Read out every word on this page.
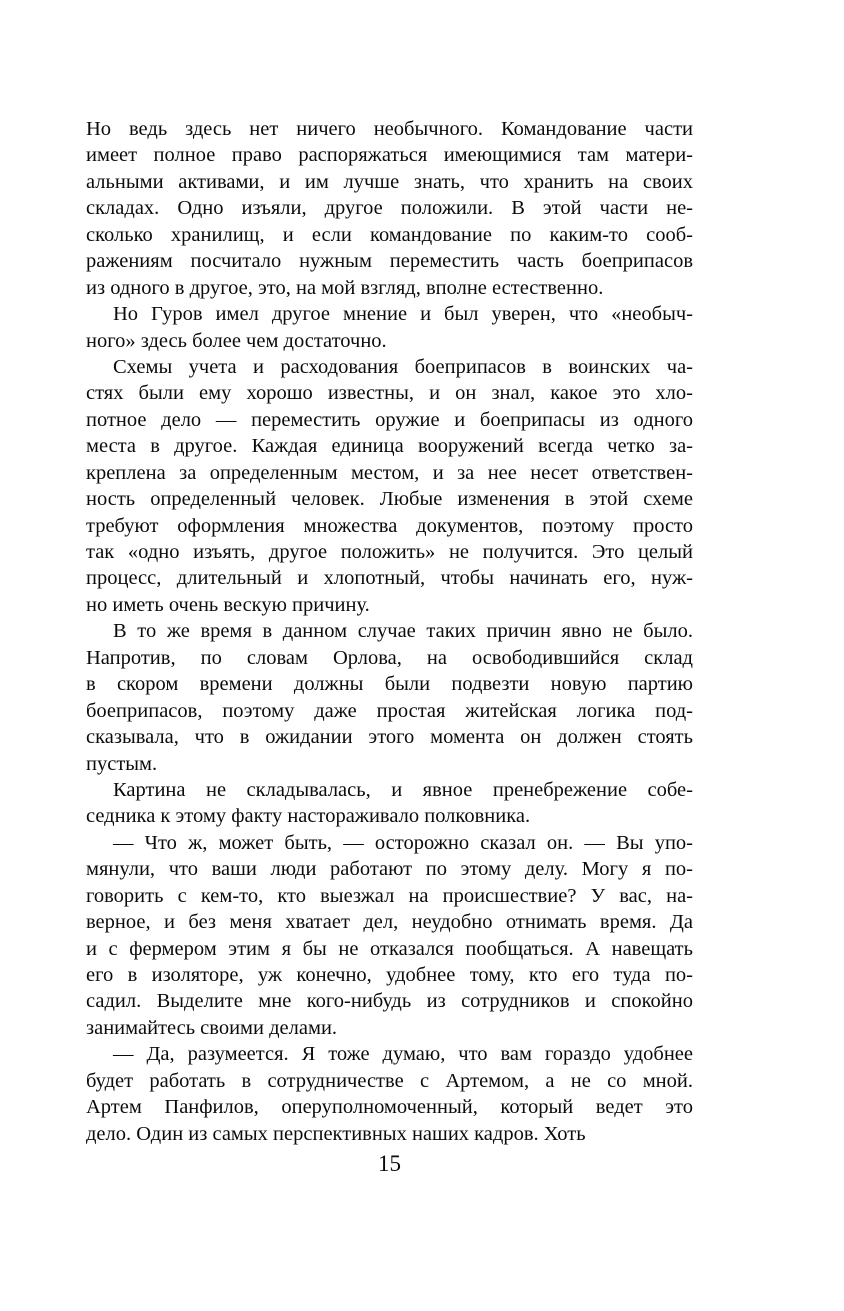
Но ведь здесь нет ничего необычного. Командование части
имеет полное право распоряжаться имеющимися там матери-
альными активами, и им лучше знать, что хранить на своих
складах. Одно изъяли, другое положили. В этой части не-
сколько хранилищ, и если командование по каким-то сооб-
ражениям посчитало нужным переместить часть боеприпасов
из одного в другое, это, на мой взгляд, вполне естественно.
Но Гуров имел другое мнение и был уверен, что «необыч-
ного» здесь более чем достаточно.
Схемы учета и расходования боеприпасов в воинских ча-
стях были ему хорошо известны, и он знал, какое это хло-
потное дело — переместить оружие и боеприпасы из одного
места в другое. Каждая единица вооружений всегда четко за-
креплена за определенным местом, и за нее несет ответствен-
ность определенный человек. Любые изменения в этой схеме
требуют оформления множества документов, поэтому просто
так «одно изъять, другое положить» не получится. Это целый
процесс, длительный и хлопотный, чтобы начинать его, нуж-
но иметь очень вескую причину.
В то же время в данном случае таких причин явно не было.
Напротив, по словам Орлова, на освободившийся склад
в скором времени должны были подвезти новую партию
боеприпасов, поэтому даже простая житейская логика под-
сказывала, что в ожидании этого момента он должен стоять
пустым.
Картина не складывалась, и явное пренебрежение собе-
седника к этому факту настораживало полковника.
— Что ж, может быть, — осторожно сказал он. — Вы упо-
мянули, что ваши люди работают по этому делу. Могу я по-
говорить с кем-то, кто выезжал на происшествие? У вас, на-
верное, и без меня хватает дел, неудобно отнимать время. Да
и с фермером этим я бы не отказался пообщаться. А навещать
его в изоляторе, уж конечно, удобнее тому, кто его туда по-
садил. Выделите мне кого-нибудь из сотрудников и спокойно
занимайтесь своими делами.
— Да, разумеется. Я тоже думаю, что вам гораздо удобнее
будет работать в сотрудничестве с Артемом, а не со мной.
Артем Панфилов, оперуполномоченный, который ведет это
дело. Один из самых перспективных наших кадров. Хоть
15
